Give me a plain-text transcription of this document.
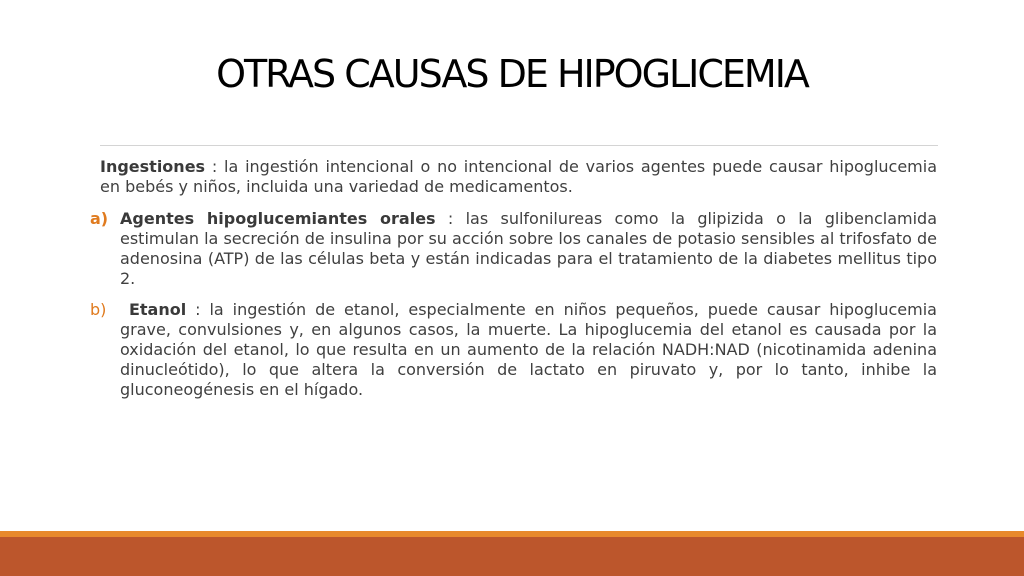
OTRAS CAUSAS DE HIPOGLICEMIA

Ingestiones : la ingestión intencional o no intencional de varios agentes puede causar hipoglucemia en bebés y niños, incluida una variedad de medicamentos.

a) Agentes hipoglucemiantes orales : las sulfonilureas como la glipizida o la glibenclamida estimulan la secreción de insulina por su acción sobre los canales de potasio sensibles al trifosfato de adenosina (ATP) de las células beta y están indicadas para el tratamiento de la diabetes mellitus tipo 2.
b) Etanol : la ingestión de etanol, especialmente en niños pequeños, puede causar hipoglucemia grave, convulsiones y, en algunos casos, la muerte. La hipoglucemia del etanol es causada por la oxidación del etanol, lo que resulta en un aumento de la relación NADH:NAD (nicotinamida adenina dinucleótido), lo que altera la conversión de lactato en piruvato y, por lo tanto, inhibe la gluconeogénesis en el hígado.
